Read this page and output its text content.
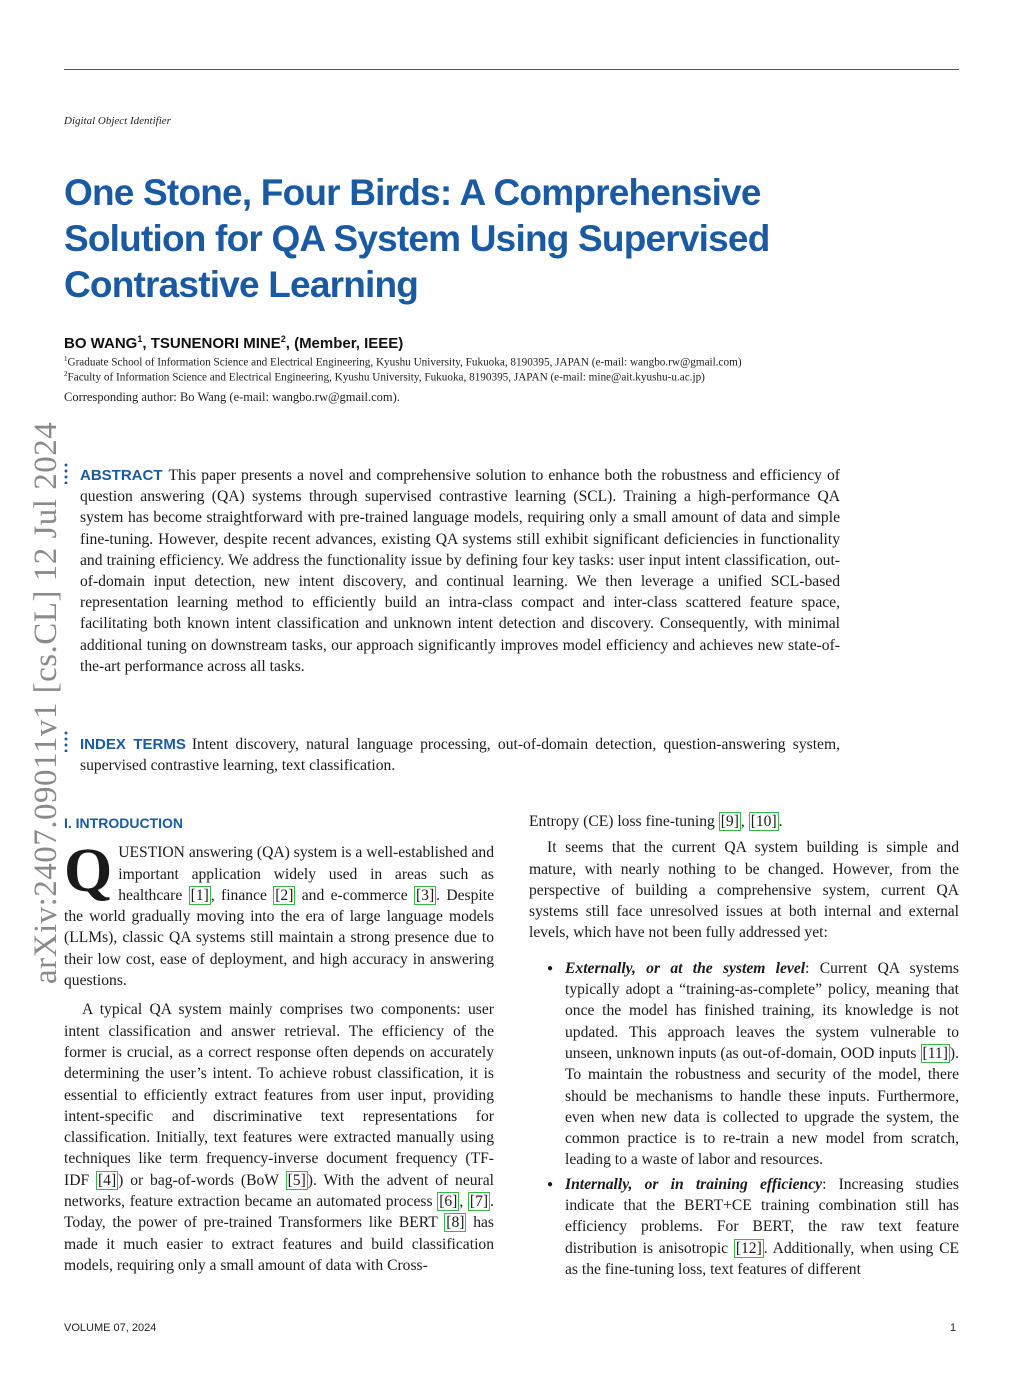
Digital Object Identifier
One Stone, Four Birds: A Comprehensive Solution for QA System Using Supervised Contrastive Learning
BO WANG$^1$, TSUNENORI MINE$^2$, (Member, IEEE)
$^1$Graduate School of Information Science and Electrical Engineering, Kyushu University, Fukuoka, 8190395, JAPAN (e-mail: wangbo.rw@gmail.com)
$^2$Faculty of Information Science and Electrical Engineering, Kyushu University, Fukuoka, 8190395, JAPAN (e-mail: mine@ait.kyushu-u.ac.jp)
Corresponding author: Bo Wang (e-mail: wangbo.rw@gmail.com).
arXiv:2407.09011v1 [cs.CL] 12 Jul 2024 ABSTRACT This paper presents a novel and comprehensive solution to enhance both the robustness and efficiency of question answering (QA) systems through supervised contrastive learning (SCL). Training a high-performance QA system has become straightforward with pre-trained language models, requiring only a small amount of data and simple fine-tuning. However, despite recent advances, existing QA systems still exhibit significant deficiencies in functionality and training efficiency. We address the functionality issue by defining four key tasks: user input intent classification, out-of-domain input detection, new intent discovery, and continual learning. We then leverage a unified SCL-based representation learning method to efficiently build an intra-class compact and inter-class scattered feature space, facilitating both known intent classification and unknown intent detection and discovery. Consequently, with minimal additional tuning on downstream tasks, our approach significantly improves model efficiency and achieves new state-of-the-art performance across all tasks.
INDEX TERMS Intent discovery, natural language processing, out-of-domain detection, question-answering system, supervised contrastive learning, text classification.
I. INTRODUCTION

QUESTION answering (QA) system is a well-established and important application widely used in areas such as healthcare [1] , finance [2] and e-commerce [3] . Despite the world gradually moving into the era of large language models (LLMs), classic QA systems still maintain a strong presence due to their low cost, ease of deployment, and high accuracy in answering questions.

A typical QA system mainly comprises two components: user intent classification and answer retrieval. The efficiency of the former is crucial, as a correct response often depends on accurately determining the user’s intent. To achieve robust classification, it is essential to efficiently extract features from user input, providing intent-specific and discriminative text representations for classification. Initially, text features were extracted manually using techniques like term frequency-inverse document frequency (TF-IDF [4] ) or bag-of-words (BoW [5] ). With the advent of neural networks, feature extraction became an automated process [6] , [7] . Today, the power of pre-trained Transformers like BERT [8] has made it much easier to extract features and build classification models, requiring only a small amount of data with Cross-

Entropy (CE) loss fine-tuning [9] , [10] .

It seems that the current QA system building is simple and mature, with nearly nothing to be changed. However, from the perspective of building a comprehensive system, current QA systems still face unresolved issues at both internal and external levels, which have not been fully addressed yet:

● Externally, or at the system level: Current QA systems typically adopt a “training-as-complete” policy, meaning that once the model has finished training, its knowledge is not updated. This approach leaves the system vulnerable to unseen, unknown inputs (as out-of-domain, OOD inputs [11] ). To maintain the robustness and security of the model, there should be mechanisms to handle these inputs. Furthermore, even when new data is collected to upgrade the system, the common practice is to re-train a new model from scratch, leading to a waste of labor and resources.
● Internally, or in training efficiency: Increasing studies indicate that the BERT+CE training combination still has efficiency problems. For BERT, the raw text feature distribution is anisotropic [12] . Additionally, when using CE as the fine-tuning loss, text features of different
VOLUME 07, 2024	1
